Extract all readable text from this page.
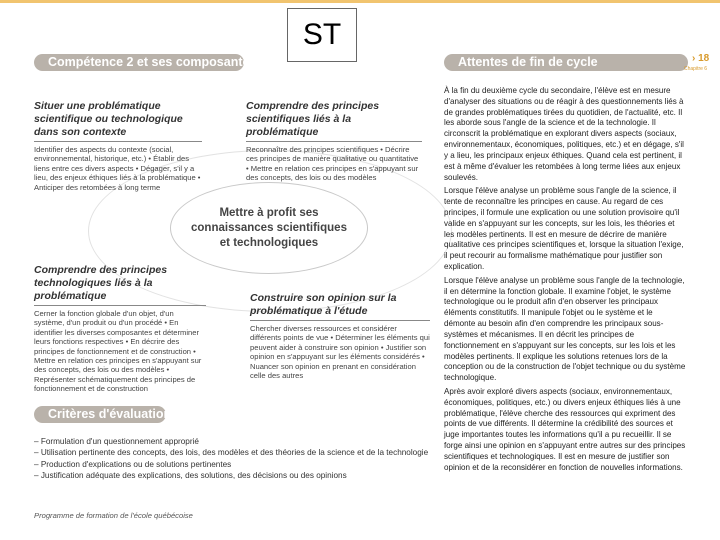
ST
Compétence 2 et ses composantes	Attentes de fin de cycle	› 18
Chapitre 6
Situer une problématique scientifique ou technologique dans son contexte
Identifier des aspects du contexte (social, environnemental, historique, etc.) • Établir des liens entre ces divers aspects • Dégager, s'il y a lieu, des enjeux éthiques liés à la problématique • Anticiper des retombées à long terme
Comprendre des principes scientifiques liés à la problématique
Reconnaître des principes scientifiques • Décrire ces principes de manière qualitative ou quantitative • Mettre en relation ces principes en s'appuyant sur des concepts, des lois ou des modèles
Mettre à profit ses
connaissances scientifiques
et technologiques
Comprendre des principes technologiques liés à la problématique
Cerner la fonction globale d'un objet, d'un système, d'un produit ou d'un procédé • En identifier les diverses composantes et déterminer leurs fonctions respectives • En décrire des principes de fonctionnement et de construction • Mettre en relation ces principes en s'appuyant sur des concepts, des lois ou des modèles • Représenter schématiquement des principes de fonctionnement et de construction
Construire son opinion sur la problématique à l'étude
Chercher diverses ressources et considérer différents points de vue • Déterminer les éléments qui peuvent aider à construire son opinion • Justifier son opinion en s'appuyant sur les éléments considérés • Nuancer son opinion en prenant en considération celle des autres
Critères d'évaluation
– Formulation d'un questionnement approprié
– Utilisation pertinente des concepts, des lois, des modèles et des théories de la science et de la technologie
– Production d'explications ou de solutions pertinentes
– Justification adéquate des explications, des solutions, des décisions ou des opinions
Programme de formation de l'école québécoise

À la fin du deuxième cycle du secondaire, l'élève est en mesure d'analyser des situations ou de réagir à des questionnements liés à de grandes problématiques tirées du quotidien, de l'actualité, etc. Il les aborde sous l'angle de la science et de la technologie. Il circonscrit la problématique en explorant divers aspects (sociaux, environnementaux, économiques, politiques, etc.) et en dégage, s'il y a lieu, les principaux enjeux éthiques. Quand cela est pertinent, il est à même d'évaluer les retombées à long terme liées aux enjeux soulevés.

Lorsque l'élève analyse un problème sous l'angle de la science, il tente de reconnaître les principes en cause. Au regard de ces principes, il formule une explication ou une solution provisoire qu'il valide en s'appuyant sur les concepts, sur les lois, les théories et les modèles pertinents. Il est en mesure de décrire de manière qualitative ces principes scientifiques et, lorsque la situation l'exige, il peut recourir au formalisme mathématique pour justifier son explication.

Lorsque l'élève analyse un problème sous l'angle de la technologie, il en détermine la fonction globale. Il examine l'objet, le système technologique ou le produit afin d'en observer les principaux éléments constitutifs. Il manipule l'objet ou le système et le démonte au besoin afin d'en comprendre les principaux sous-systèmes et mécanismes. Il en décrit les principes de fonctionnement en s'appuyant sur les concepts, sur les lois et les modèles pertinents. Il explique les solutions retenues lors de la conception ou de la construction de l'objet technique ou du système technologique.

Après avoir exploré divers aspects (sociaux, environnementaux, économiques, politiques, etc.) ou divers enjeux éthiques liés à une problématique, l'élève cherche des ressources qui expriment des points de vue différents. Il détermine la crédibilité des sources et juge importantes toutes les informations qu'il a pu recueillir. Il se forge ainsi une opinion en s'appuyant entre autres sur des principes scientifiques et technologiques. Il est en mesure de justifier son opinion et de la reconsidérer en fonction de nouvelles informations.
